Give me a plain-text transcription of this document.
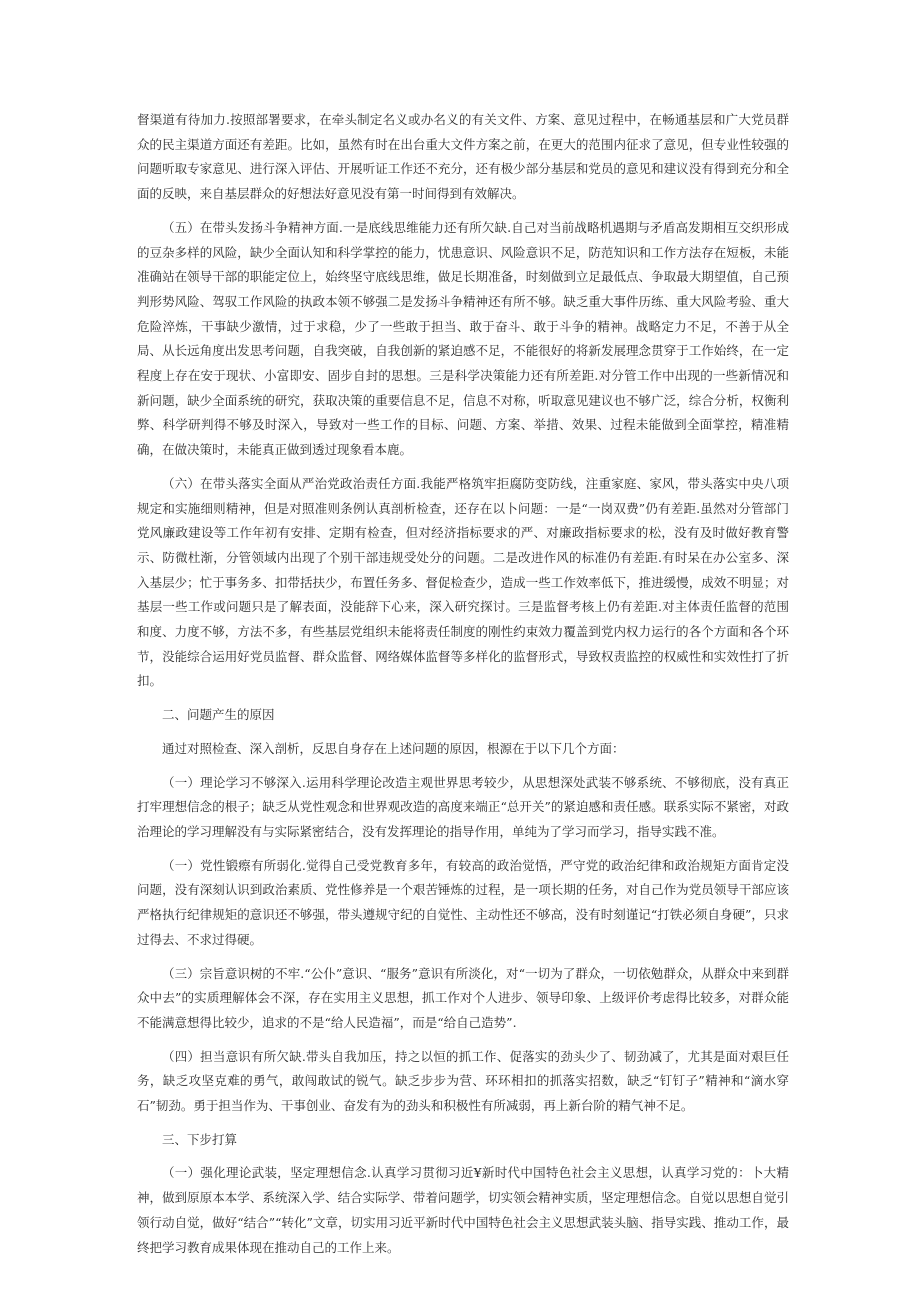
督渠道有待加力.按照部署要求，在牵头制定名义或办名义的有关文件、方案、意见过程中，在畅通基层和广大党员群众的民主渠道方面还有差距。比如，虽然有时在出台重大文件方案之前，在更大的范围内征求了意见，但专业性较强的问题听取专家意见、进行深入评估、开展听证工作还不充分，还有极少部分基层和党员的意见和建议没有得到充分和全面的反映，来自基层群众的好想法好意见没有第一时间得到有效解决。

（五）在带头发扬斗争精神方面.一是底线思维能力还有所欠缺.自己对当前战略机遇期与矛盾高发期相互交织形成的豆杂多样的风险，缺少全面认知和科学掌控的能力，忧患意识、风险意识不足，防范知识和工作方法存在短板，未能准确站在领导干部的职能定位上，始终坚守底线思维，做足长期准备，时刻做到立足最低点、争取最大期望值，自己预判形势风险、驾驭工作风险的执政本领不够强二是发扬斗争精神还有所不够。缺乏重大事件历练、重大风险考验、重大危险淬炼，干事缺少激情，过于求稳，少了一些敢于担当、敢于奋斗、敢于斗争的精神。战略定力不足，不善于从全局、从长远角度出发思考问题，自我突破，自我创新的紧迫感不足，不能很好的将新发展理念贯穿于工作始终，在一定程度上存在安于现状、小富即安、固步自封的思想。三是科学决策能力还有所差距.对分管工作中出现的一些新情况和新问题，缺少全面系统的研究，获取决策的重要信息不足，信息不对称，听取意见建议也不够广泛，综合分析，权衡利弊、科学研判得不够及时深入，导致对一些工作的目标、问题、方案、举措、效果、过程未能做到全面掌控，精准精确，在做决策时，未能真正做到透过现象看本鹿。

（六）在带头落实全面从严治党政治责任方面.我能严格筑牢拒腐防变防线，注重家庭、家风，带头落实中央八项规定和实施细则精神，但是对照准则条例认真剖析检查，还存在以卜问题：一是“一岗双费”仍有差距.虽然对分管部门党风廉政建设等工作年初有安排、定期有检查，但对经济指标要求的严、对廉政指标要求的松，没有及时做好教育警示、防微杜渐，分管领域内出现了个别干部违规受处分的问题。二是改进作风的标准仍有差距.有时呆在办公室多、深入基层少；忙于事务多、扣带括扶少，布置任务多、督促检查少，造成一些工作效率低下，推进缓慢，成效不明显；对基层一些工作或问题只是了解表面，没能辞下心来，深入研究探讨。三是监督考核上仍有差距.对主体责任监督的范围和度、力度不够，方法不多，有些基层党组织未能将责任制度的刚性约束效力覆盖到党内权力运行的各个方面和各个环节，没能综合运用好党员监督、群众监督、网络媒体监督等多样化的监督形式，导致权责监控的权威性和实效性打了折扣。

二、问题产生的原因

通过对照检查、深入剖析，反思自身存在上述问题的原因，根源在于以下几个方面：

（一）理论学习不够深入.运用科学理论改造主观世界思考较少，从思想深处武装不够系统、不够彻底，没有真正打牢理想信念的根子；缺乏从党性观念和世界观改造的高度来端正“总开关”的紧迫感和责任感。联系实际不紧密，对政治理论的学习理解没有与实际紧密结合，没有发挥理论的指导作用，单纯为了学习而学习，指导实践不准。

（一）党性锻瘵有所弱化.觉得自己受党教育多年，有较高的政治觉悟，严守党的政治纪律和政治规矩方面肯定没问题，没有深刻认识到政治素质、党性修养是一个艰苦锤炼的过程，是一项长期的任务，对自己作为党员领导干部应该严格执行纪律规矩的意识还不够强，带头遵规守纪的自觉性、主动性还不够高，没有时刻谨记“打铁必须自身硬”，只求过得去、不求过得硬。

（三）宗旨意识树的不牢.“公仆”意识、“服务”意识有所淡化，对“一切为了群众，一切依勉群众，从群众中来到群众中去”的实质理解体会不深，存在实用主义思想，抓工作对个人进步、领导印象、上级评价考虑得比较多，对群众能不能满意想得比较少，追求的不是“给人民造福”，而是“给自己造势”.

（四）担当意识有所欠缺.带头自我加压，持之以恒的抓工作、促落实的劲头少了、韧劲减了，尤其是面对艰巨任务，缺乏攻坚克难的勇气，敢闯敢试的锐气。缺乏步步为营、环环相扣的抓落实招数，缺乏“钉钉子”精神和“滴水穿石”韧劲。勇于担当作为、干事创业、奋发有为的劲头和积极性有所减弱，再上新台阶的精气神不足。

三、下步打算

（一）强化理论武装，坚定理想信念.认真学习贯彻习近¥新时代中国特色社会主义思想，认真学习党的：卜大精神，做到原原本本学、系统深入学、结合实际学、带着问题学，切实领会精神实质，坚定理想信念。自觉以思想自觉引领行动自觉，做好“结合”“转化”文章，切实用习近平新时代中国特色社会主义思想武装头脑、指导实践、推动工作，最终把学习教育成果体现在推动自己的工作上来。
